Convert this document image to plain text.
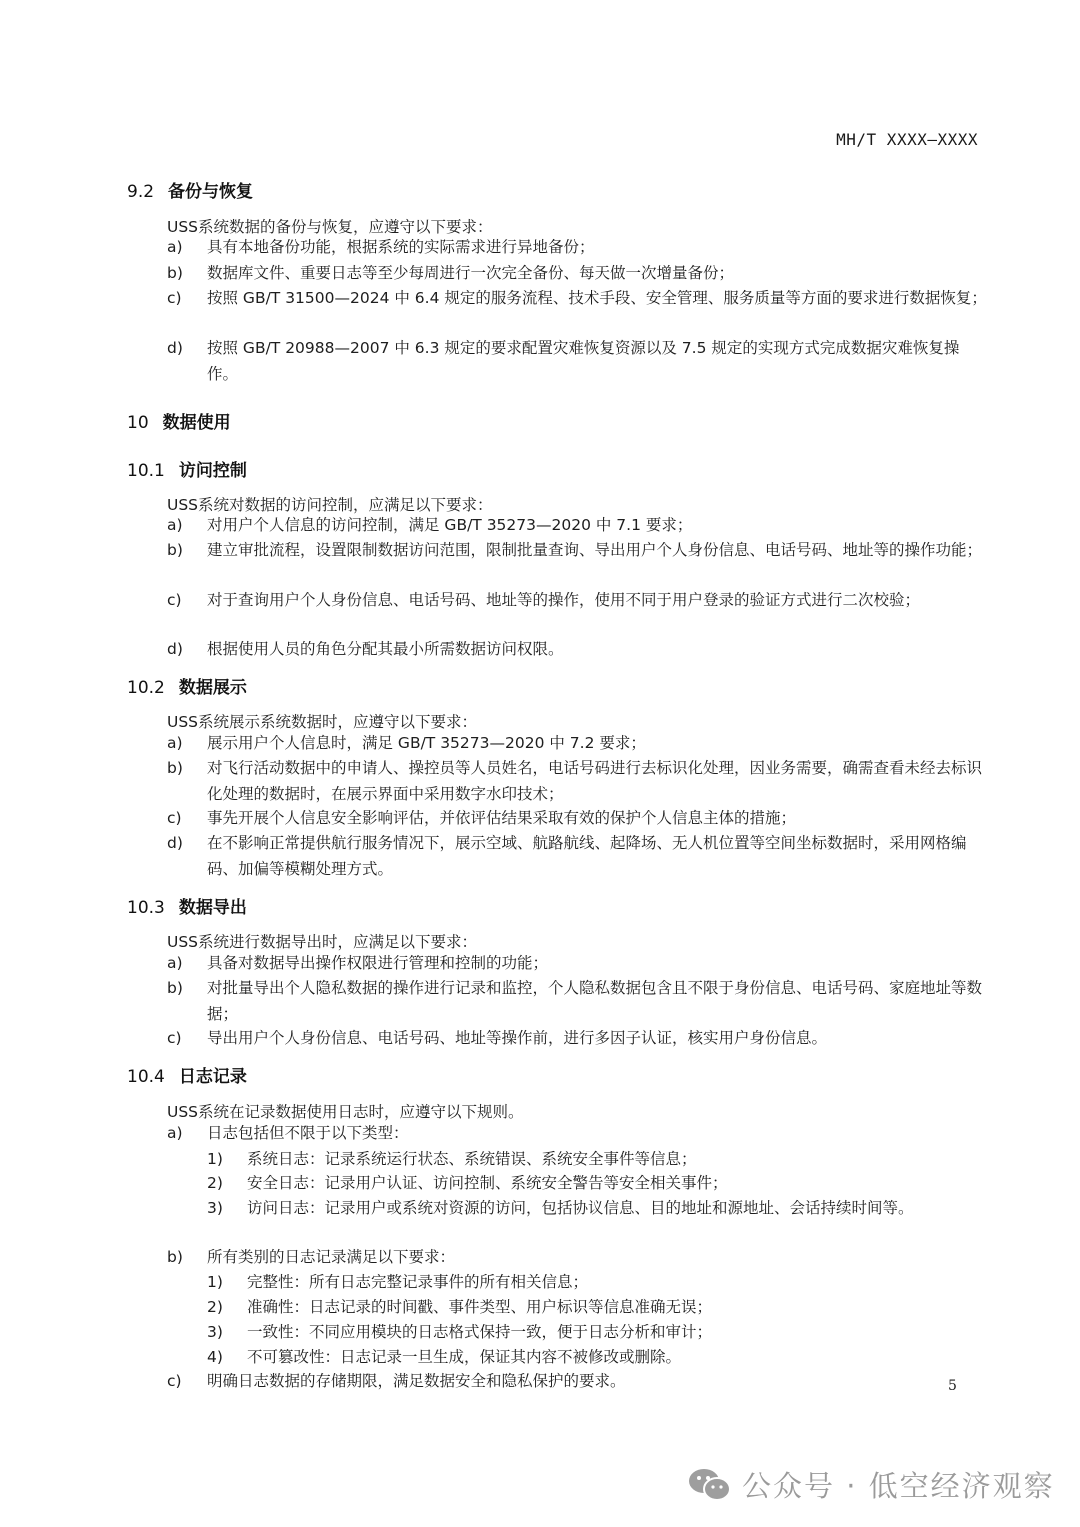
MH/T XXXX—XXXX
9.2 备份与恢复
USS系统数据的备份与恢复，应遵守以下要求：
a) 具有本地备份功能，根据系统的实际需求进行异地备份；
b) 数据库文件、重要日志等至少每周进行一次完全备份、每天做一次增量备份；
c) 按照 GB/T 31500—2024 中 6.4 规定的服务流程、技术手段、安全管理、服务质量等方面的要求进行数据恢复；
d) 按照 GB/T 20988—2007 中 6.3 规定的要求配置灾难恢复资源以及 7.5 规定的实现方式完成数据灾难恢复操作。
10 数据使用
10.1 访问控制
USS系统对数据的访问控制，应满足以下要求：
a) 对用户个人信息的访问控制，满足 GB/T 35273—2020 中 7.1 要求；
b) 建立审批流程，设置限制数据访问范围，限制批量查询、导出用户个人身份信息、电话号码、地址等的操作功能；
c) 对于查询用户个人身份信息、电话号码、地址等的操作，使用不同于用户登录的验证方式进行二次校验；
d) 根据使用人员的角色分配其最小所需数据访问权限。
10.2 数据展示
USS系统展示系统数据时，应遵守以下要求：
a) 展示用户个人信息时，满足 GB/T 35273—2020 中 7.2 要求；
b) 对飞行活动数据中的申请人、操控员等人员姓名，电话号码进行去标识化处理，因业务需要，确需查看未经去标识化处理的数据时，在展示界面中采用数字水印技术；
c) 事先开展个人信息安全影响评估，并依评估结果采取有效的保护个人信息主体的措施；
d) 在不影响正常提供航行服务情况下，展示空域、航路航线、起降场、无人机位置等空间坐标数据时，采用网格编码、加偏等模糊处理方式。
10.3 数据导出
USS系统进行数据导出时，应满足以下要求：
a) 具备对数据导出操作权限进行管理和控制的功能；
b) 对批量导出个人隐私数据的操作进行记录和监控，个人隐私数据包含且不限于身份信息、电话号码、家庭地址等数据；
c) 导出用户个人身份信息、电话号码、地址等操作前，进行多因子认证，核实用户身份信息。
10.4 日志记录
USS系统在记录数据使用日志时，应遵守以下规则。
a) 日志包括但不限于以下类型：
1) 系统日志：记录系统运行状态、系统错误、系统安全事件等信息；
2) 安全日志：记录用户认证、访问控制、系统安全警告等安全相关事件；
3) 访问日志：记录用户或系统对资源的访问，包括协议信息、目的地址和源地址、会话持续时间等。
b) 所有类别的日志记录满足以下要求：
1) 完整性：所有日志完整记录事件的所有相关信息；
2) 准确性：日志记录的时间戳、事件类型、用户标识等信息准确无误；
3) 一致性：不同应用模块的日志格式保持一致，便于日志分析和审计；
4) 不可篡改性：日志记录一旦生成，保证其内容不被修改或删除。
c) 明确日志数据的存储期限，满足数据安全和隐私保护的要求。	5
公众号 · 低空经济观察
